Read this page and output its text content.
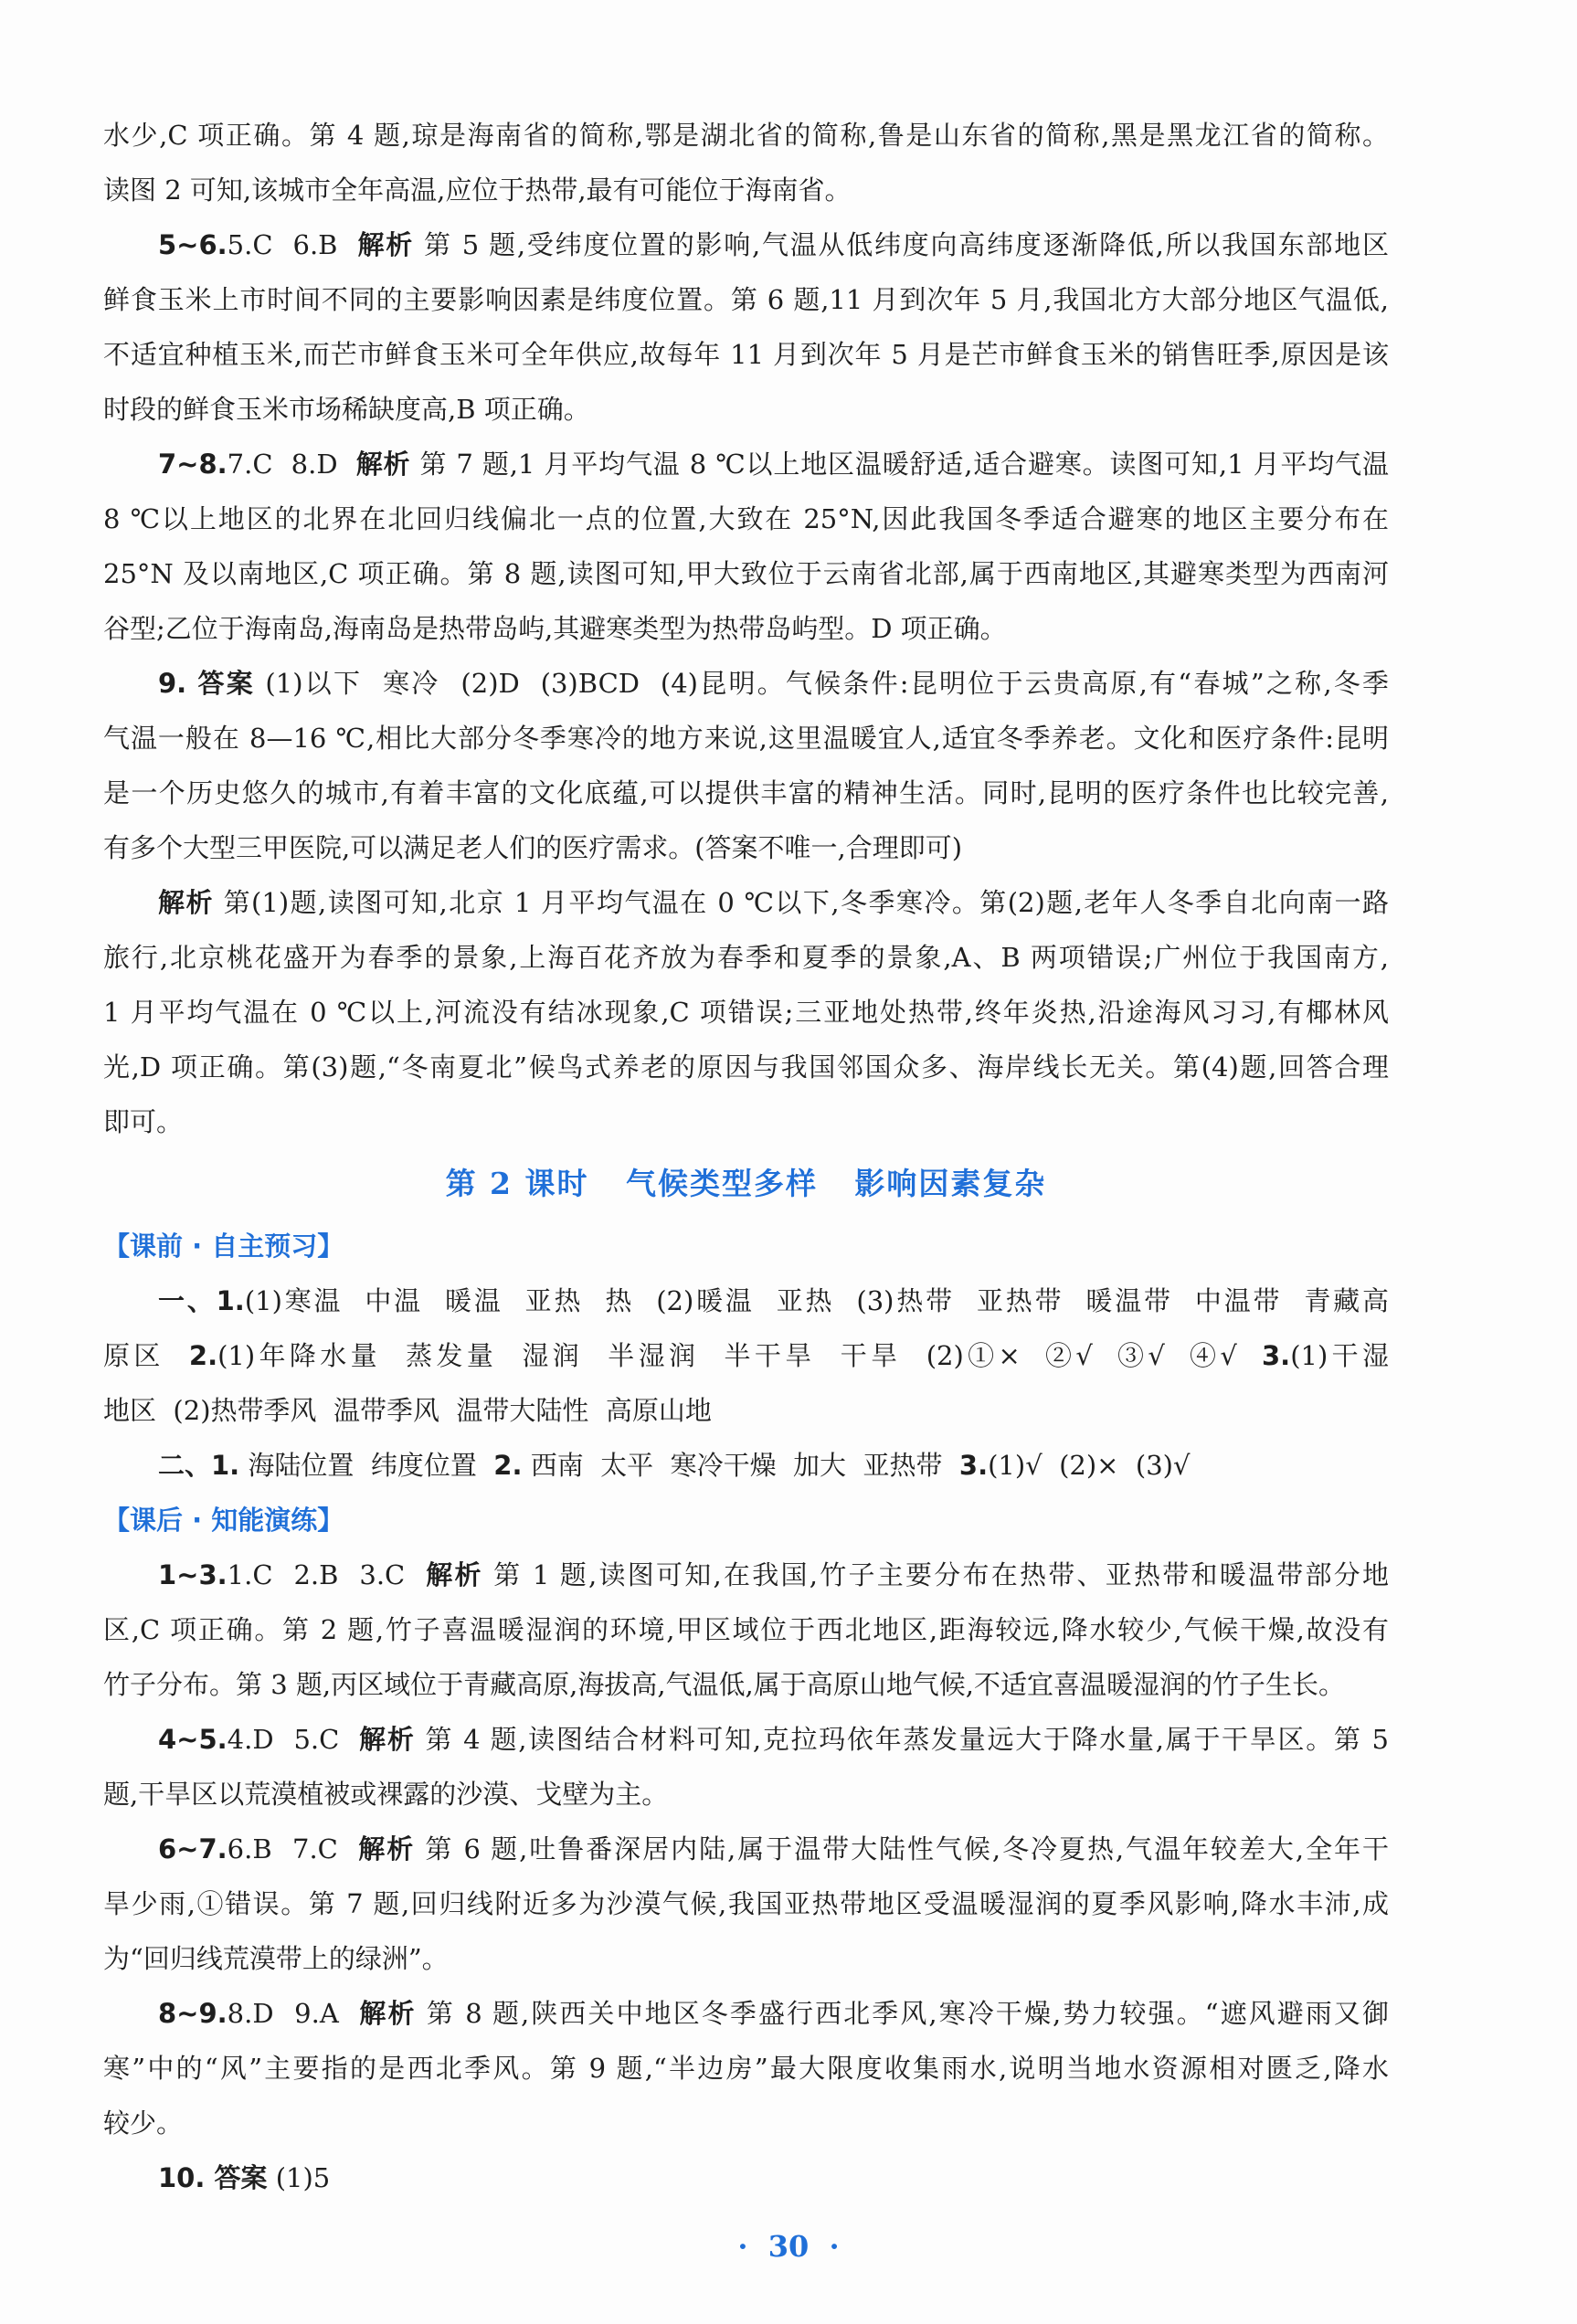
水少,C 项正确。第 4 题,琼是海南省的简称,鄂是湖北省的简称,鲁是山东省的简称,黑是黑龙江省的简称。
读图 2 可知,该城市全年高温,应位于热带,最有可能位于海南省。
5~6.5.C  6.B  解析 第 5 题,受纬度位置的影响,气温从低纬度向高纬度逐渐降低,所以我国东部地区
鲜食玉米上市时间不同的主要影响因素是纬度位置。第 6 题,11 月到次年 5 月,我国北方大部分地区气温低,
不适宜种植玉米,而芒市鲜食玉米可全年供应,故每年 11 月到次年 5 月是芒市鲜食玉米的销售旺季,原因是该
时段的鲜食玉米市场稀缺度高,B 项正确。
7~8.7.C  8.D  解析 第 7 题,1 月平均气温 8 ℃以上地区温暖舒适,适合避寒。读图可知,1 月平均气温
8 ℃以上地区的北界在北回归线偏北一点的位置,大致在 25°N,因此我国冬季适合避寒的地区主要分布在
25°N 及以南地区,C 项正确。第 8 题,读图可知,甲大致位于云南省北部,属于西南地区,其避寒类型为西南河
谷型;乙位于海南岛,海南岛是热带岛屿,其避寒类型为热带岛屿型。D 项正确。
9. 答案 (1)以下  寒冷  (2)D  (3)BCD  (4)昆明。气候条件:昆明位于云贵高原,有“春城”之称,冬季
气温一般在 8—16 ℃,相比大部分冬季寒冷的地方来说,这里温暖宜人,适宜冬季养老。文化和医疗条件:昆明
是一个历史悠久的城市,有着丰富的文化底蕴,可以提供丰富的精神生活。同时,昆明的医疗条件也比较完善,
有多个大型三甲医院,可以满足老人们的医疗需求。(答案不唯一,合理即可)
解析 第(1)题,读图可知,北京 1 月平均气温在 0 ℃以下,冬季寒冷。第(2)题,老年人冬季自北向南一路
旅行,北京桃花盛开为春季的景象,上海百花齐放为春季和夏季的景象,A、B 两项错误;广州位于我国南方,
1 月平均气温在 0 ℃以上,河流没有结冰现象,C 项错误;三亚地处热带,终年炎热,沿途海风习习,有椰林风
光,D 项正确。第(3)题,“冬南夏北”候鸟式养老的原因与我国邻国众多、海岸线长无关。第(4)题,回答合理
即可。
第 2 课时   气候类型多样   影响因素复杂
【课前 · 自主预习】
一、1.(1)寒温  中温  暖温  亚热  热  (2)暖温  亚热  (3)热带  亚热带  暖温带  中温带  青藏高
原区  2.(1)年降水量  蒸发量  湿润  半湿润  半干旱  干旱  (2)①×  ②√  ③√  ④√  3.(1)干湿
地区  (2)热带季风  温带季风  温带大陆性  高原山地
二、1. 海陆位置  纬度位置  2. 西南  太平  寒冷干燥  加大  亚热带  3.(1)√  (2)×  (3)√
【课后 · 知能演练】
1~3.1.C  2.B  3.C  解析 第 1 题,读图可知,在我国,竹子主要分布在热带、亚热带和暖温带部分地
区,C 项正确。第 2 题,竹子喜温暖湿润的环境,甲区域位于西北地区,距海较远,降水较少,气候干燥,故没有
竹子分布。第 3 题,丙区域位于青藏高原,海拔高,气温低,属于高原山地气候,不适宜喜温暖湿润的竹子生长。
4~5.4.D  5.C  解析 第 4 题,读图结合材料可知,克拉玛依年蒸发量远大于降水量,属于干旱区。第 5
题,干旱区以荒漠植被或裸露的沙漠、戈壁为主。
6~7.6.B  7.C  解析 第 6 题,吐鲁番深居内陆,属于温带大陆性气候,冬冷夏热,气温年较差大,全年干
旱少雨,①错误。第 7 题,回归线附近多为沙漠气候,我国亚热带地区受温暖湿润的夏季风影响,降水丰沛,成
为“回归线荒漠带上的绿洲”。
8~9.8.D  9.A  解析 第 8 题,陕西关中地区冬季盛行西北季风,寒冷干燥,势力较强。“遮风避雨又御
寒”中的“风”主要指的是西北季风。第 9 题,“半边房”最大限度收集雨水,说明当地水资源相对匮乏,降水
较少。
10. 答案 (1)5
·  30  ·
